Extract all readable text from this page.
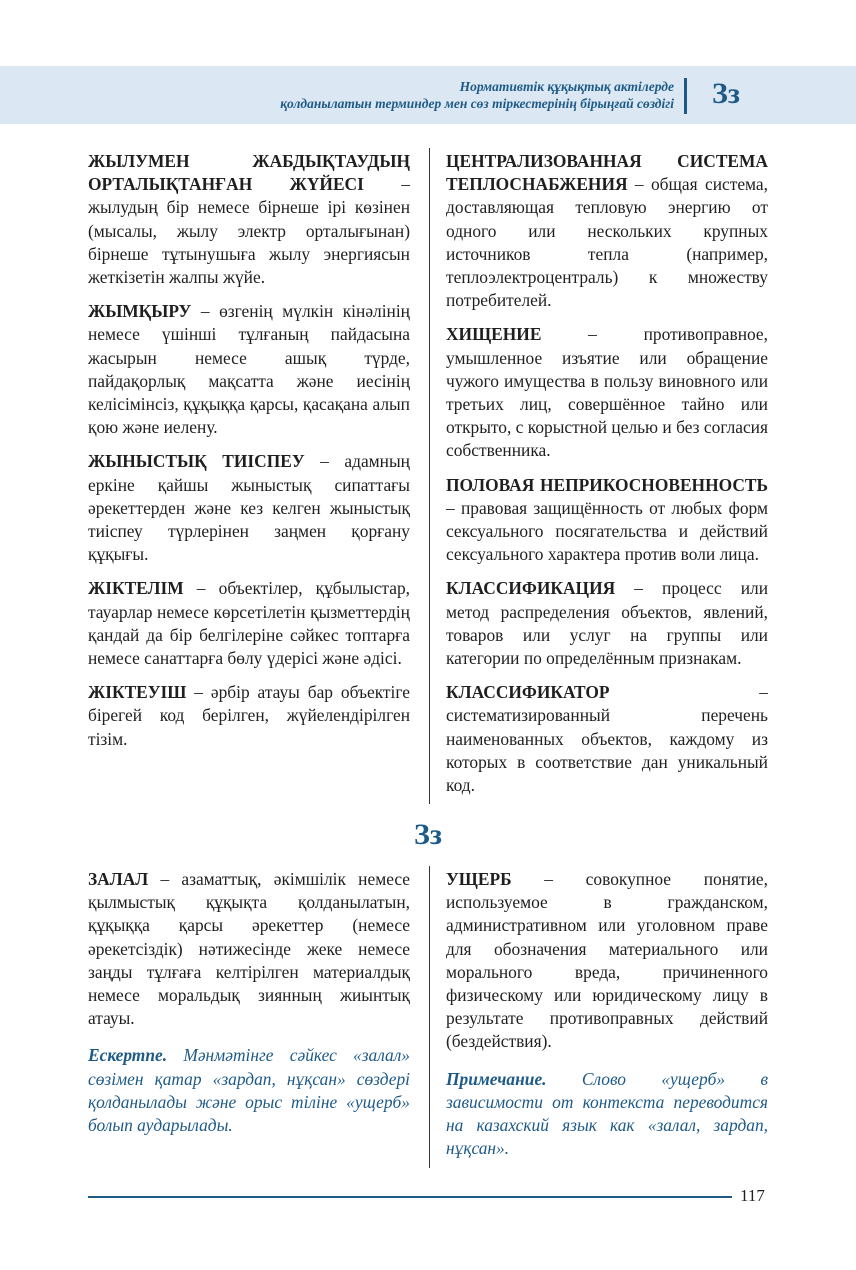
Нормативтік құқықтық актілерде
қолданылатын терминдер мен сөз тіркестерінің бірыңғай сөздігі Зз

ЖЫЛУМЕН ЖАБДЫҚТАУДЫҢ ОРТАЛЫҚТАНҒАН ЖҮЙЕСІ – жылудың бір немесе бірнеше ірі көзінен (мысалы, жылу электр орталығынан) бірнеше тұтынушыға жылу энергиясын жеткізетін жалпы жүйе.

ЖЫМҚЫРУ – өзгенің мүлкін кінәлінің немесе үшінші тұлғаның пайдасына жасырын немесе ашық түрде, пайдақорлық мақсатта және иесінің келісімінсіз, құқыққа қарсы, қасақана алып қою және иелену.

ЖЫНЫСТЫҚ ТИІСПЕУ – адамның еркіне қайшы жыныстық сипаттағы әрекеттерден және кез келген жыныстық тиіспеу түрлерінен заңмен қорғану құқығы.

ЖІКТЕЛІМ – объектілер, құбылыстар, тауарлар немесе көрсетілетін қызметтердің қандай да бір белгілеріне сәйкес топтарға немесе санаттарға бөлу үдерісі және әдісі.

ЖІКТЕУІШ – әрбір атауы бар объектіге бірегей код берілген, жүйелендірілген тізім.

ЦЕНТРАЛИЗОВАННАЯ СИСТЕМА ТЕПЛОСНАБЖЕНИЯ – общая система, доставляющая тепловую энергию от одного или нескольких крупных источников тепла (например, теплоэлектроцентраль) к множеству потребителей.

ХИЩЕНИЕ – противоправное, умышленное изъятие или обращение чужого имущества в пользу виновного или третьих лиц, совершённое тайно или открыто, с корыстной целью и без согласия собственника.

ПОЛОВАЯ НЕПРИКОСНОВЕННОСТЬ – правовая защищённость от любых форм сексуального посягательства и действий сексуального характера против воли лица.

КЛАССИФИКАЦИЯ – процесс или метод распределения объектов, явлений, товаров или услуг на группы или категории по определённым признакам.

КЛАССИФИКАТОР – систематизированный перечень наименованных объектов, каждому из которых в соответствие дан уникальный код.

Зз

ЗАЛАЛ – азаматтық, әкімшілік немесе қылмыстық құқықта қолданылатын, құқыққа қарсы әрекеттер (немесе әрекетсіздік) нәтижесінде жеке немесе заңды тұлғаға келтірілген материалдық немесе моральдық зиянның жиынтық атауы.

Ескертпе. Мәнмәтінге сәйкес «залал» сөзімен қатар «зардап, нұқсан» сөздері қолданылады және орыс тіліне «ущерб» болып аударылады.

УЩЕРБ – совокупное понятие, используемое в гражданском, административном или уголовном праве для обозначения материального или морального вреда, причиненного физическому или юридическому лицу в результате противоправных действий (бездействия).

Примечание. Слово «ущерб» в зависимости от контекста переводится на казахский язык как «залал, зардап, нұқсан».

117
